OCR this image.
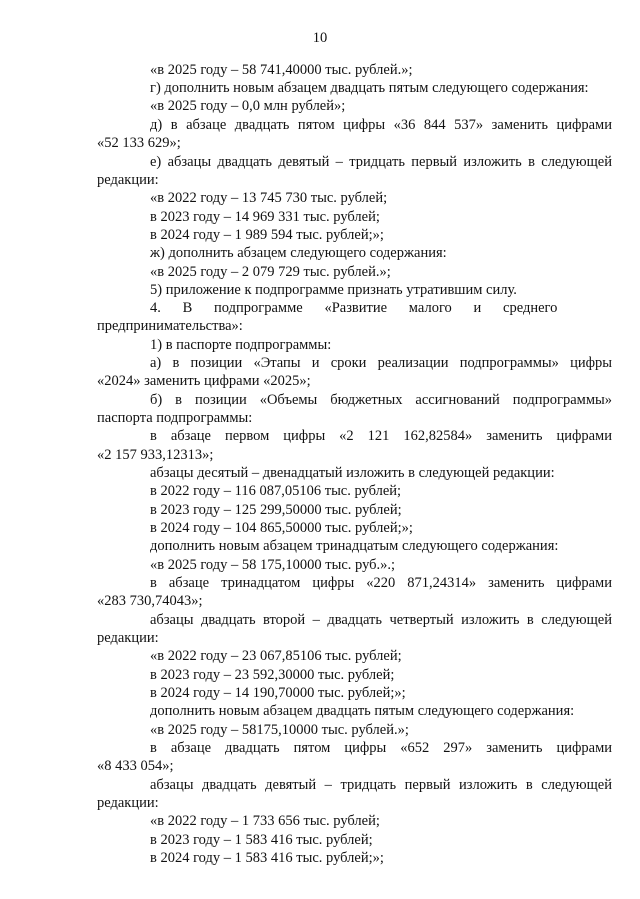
10
«в 2025 году – 58 741,40000 тыс. рублей.»;
г) дополнить новым абзацем двадцать пятым следующего содержания:
«в 2025 году – 0,0 млн рублей»;
д) в абзаце двадцать пятом цифры «36 844 537» заменить цифрами
«52 133 629»;
е) абзацы двадцать девятый – тридцать первый изложить в следующей
редакции:
«в 2022 году – 13 745 730 тыс. рублей;
в 2023 году – 14 969 331 тыс. рублей;
в 2024 году – 1 989 594 тыс. рублей;»;
ж) дополнить абзацем следующего содержания:
«в 2025 году – 2 079 729 тыс. рублей.»;
5) приложение к подпрограмме признать утратившим силу.
4.      В      подпрограмме      «Развитие      малого      и      среднего
предпринимательства»:
1) в паспорте подпрограммы:
а) в позиции «Этапы и сроки реализации подпрограммы» цифры
«2024» заменить цифрами «2025»;
б) в позиции «Объемы бюджетных ассигнований подпрограммы»
паспорта подпрограммы:
в абзаце первом цифры «2 121 162,82584» заменить цифрами
«2 157 933,12313»;
абзацы десятый – двенадцатый изложить в следующей редакции:
в 2022 году – 116 087,05106 тыс. рублей;
в 2023 году – 125 299,50000 тыс. рублей;
в 2024 году – 104 865,50000 тыс. рублей;»;
дополнить новым абзацем тринадцатым следующего содержания:
«в 2025 году – 58 175,10000 тыс. руб.».;
в абзаце тринадцатом цифры «220 871,24314» заменить цифрами
«283 730,74043»;
абзацы двадцать второй – двадцать четвертый изложить в следующей
редакции:
«в 2022 году – 23 067,85106 тыс. рублей;
в 2023 году – 23 592,30000 тыс. рублей;
в 2024 году – 14 190,70000 тыс. рублей;»;
дополнить новым абзацем двадцать пятым следующего содержания:
«в 2025 году – 58175,10000 тыс. рублей.»;
в абзаце двадцать пятом цифры «652 297» заменить цифрами
«8 433 054»;
абзацы двадцать девятый – тридцать первый изложить в следующей
редакции:
«в 2022 году – 1 733 656 тыс. рублей;
в 2023 году – 1 583 416 тыс. рублей;
в 2024 году – 1 583 416 тыс. рублей;»;
